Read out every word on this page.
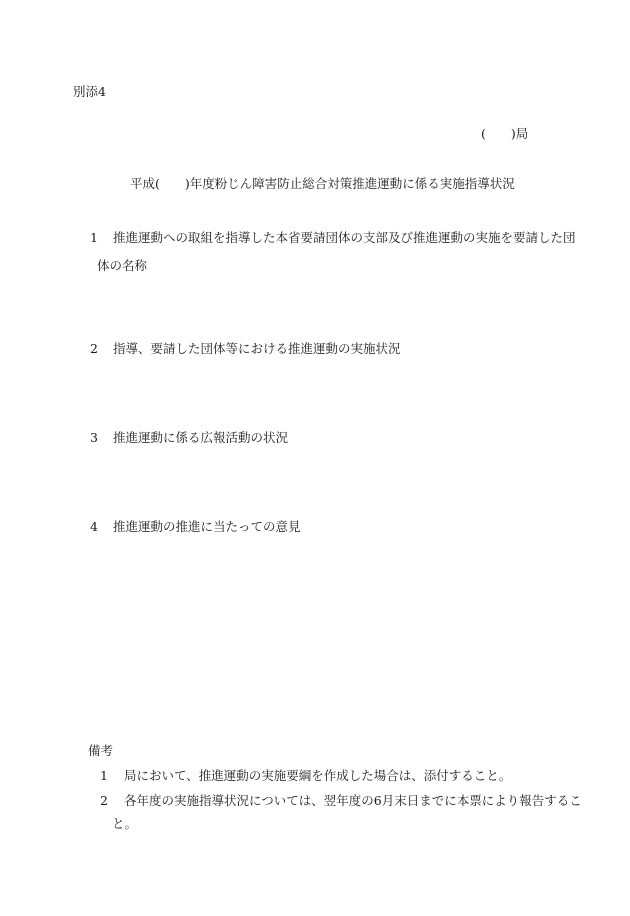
別添4
(　　)局
平成(　　)年度粉じん障害防止総合対策推進運動に係る実施指導状況
1 推進運動への取組を指導した本省要請団体の支部及び推進運動の実施を要請した団
体の名称
2 指導、要請した団体等における推進運動の実施状況
3 推進運動に係る広報活動の状況
4 推進運動の推進に当たっての意見
備考
1 局において、推進運動の実施要綱を作成した場合は、添付すること。
2 各年度の実施指導状況については、翌年度の6月末日までに本票により報告するこ
と。
